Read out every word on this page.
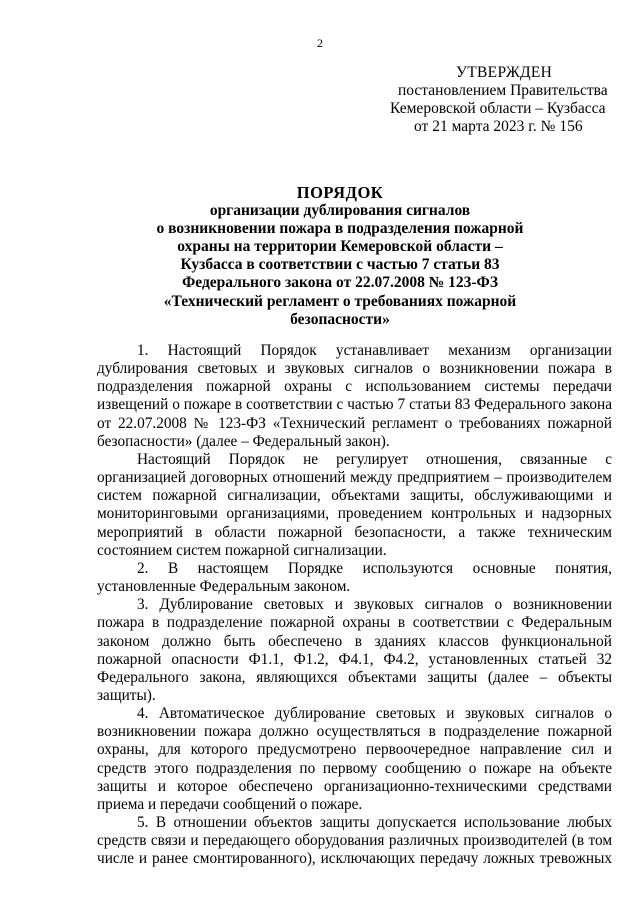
2
УТВЕРЖДЕН
постановлением Правительства
Кемеровской области – Кузбасса
от 21 марта 2023 г. № 156
ПОРЯДОК
организации дублирования сигналов
о возникновении пожара в подразделения пожарной
охраны на территории Кемеровской области –
Кузбасса в соответствии с частью 7 статьи 83
Федерального закона от 22.07.2008 № 123-ФЗ
«Технический регламент о требованиях пожарной
безопасности»

1. Настоящий Порядок устанавливает механизм организации дублирования световых и звуковых сигналов о возникновении пожара в подразделения пожарной охраны с использованием системы передачи извещений о пожаре в соответствии с частью 7 статьи 83 Федерального закона от 22.07.2008 № 123-ФЗ «Технический регламент о требованиях пожарной безопасности» (далее – Федеральный закон).

Настоящий Порядок не регулирует отношения, связанные с организацией договорных отношений между предприятием – производителем систем пожарной сигнализации, объектами защиты, обслуживающими и мониторинговыми организациями, проведением контрольных и надзорных мероприятий в области пожарной безопасности, а также техническим состоянием систем пожарной сигнализации.

2. В настоящем Порядке используются основные понятия, установленные Федеральным законом.

3. Дублирование световых и звуковых сигналов о возникновении пожара в подразделение пожарной охраны в соответствии с Федеральным законом должно быть обеспечено в зданиях классов функциональной пожарной опасности Ф1.1, Ф1.2, Ф4.1, Ф4.2, установленных статьей 32 Федерального закона, являющихся объектами защиты (далее – объекты защиты).

4. Автоматическое дублирование световых и звуковых сигналов о возникновении пожара должно осуществляться в подразделение пожарной охраны, для которого предусмотрено первоочередное направление сил и средств этого подразделения по первому сообщению о пожаре на объекте защиты и которое обеспечено организационно-техническими средствами приема и передачи сообщений о пожаре.

5. В отношении объектов защиты допускается использование любых средств связи и передающего оборудования различных производителей (в том числе и ранее смонтированного), исключающих передачу ложных тревожных
